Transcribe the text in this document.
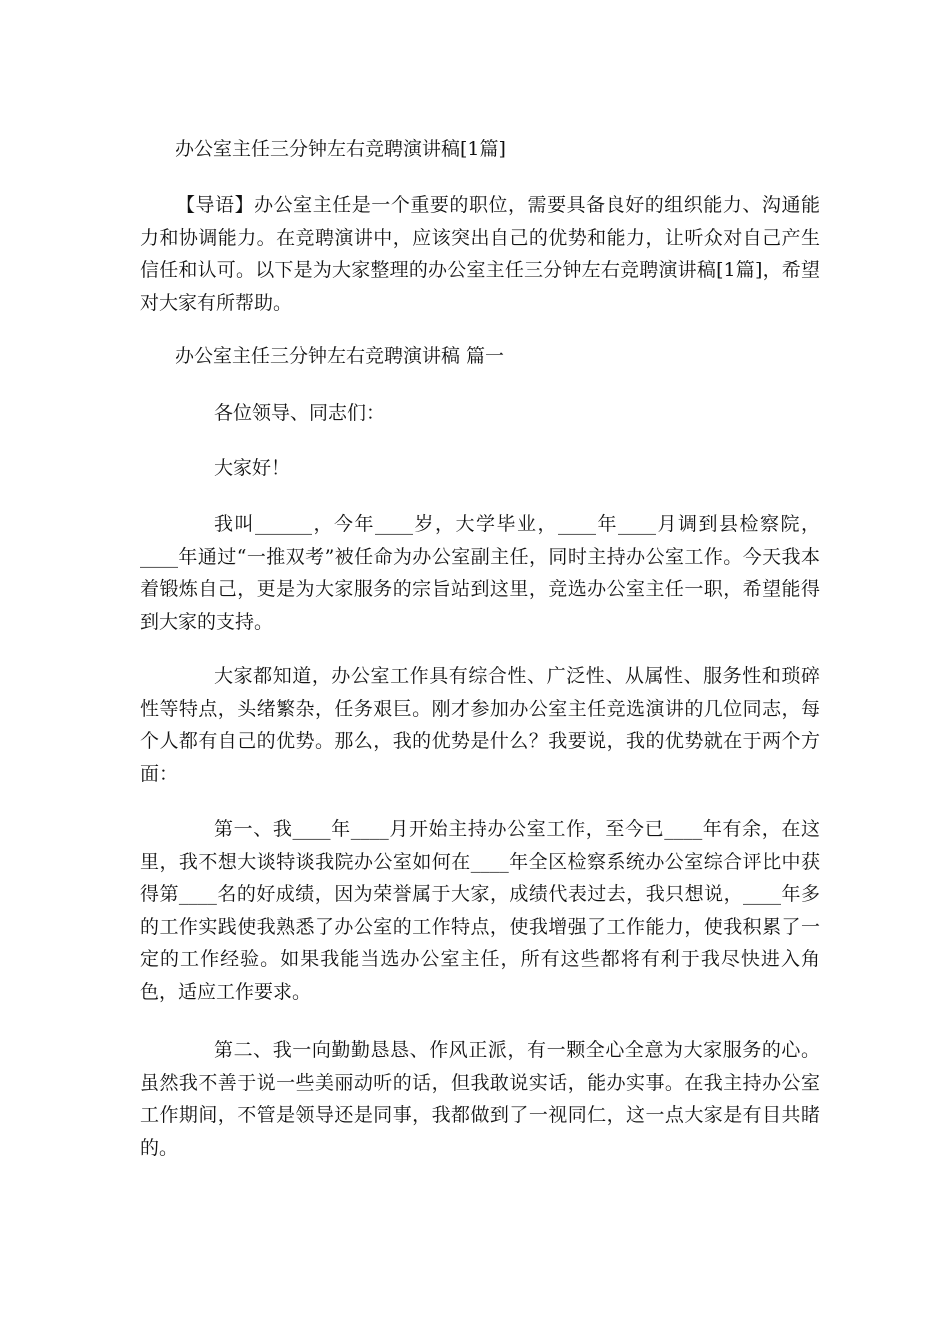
办公室主任三分钟左右竞聘演讲稿[1篇]

【导语】办公室主任是一个重要的职位，需要具备良好的组织能力、沟通能力和协调能力。在竞聘演讲中，应该突出自己的优势和能力，让听众对自己产生信任和认可。以下是为大家整理的办公室主任三分钟左右竞聘演讲稿[1篇]，希望对大家有所帮助。

办公室主任三分钟左右竞聘演讲稿 篇一

各位领导、同志们：

大家好！

我叫______，今年____岁，大学毕业，____年____月调到县检察院，____年通过“一推双考”被任命为办公室副主任，同时主持办公室工作。今天我本着锻炼自己，更是为大家服务的宗旨站到这里，竞选办公室主任一职，希望能得到大家的支持。

大家都知道，办公室工作具有综合性、广泛性、从属性、服务性和琐碎性等特点，头绪繁杂，任务艰巨。刚才参加办公室主任竞选演讲的几位同志，每个人都有自己的优势。那么，我的优势是什么？我要说，我的优势就在于两个方面：

第一、我____年____月开始主持办公室工作，至今已____年有余，在这里，我不想大谈特谈我院办公室如何在____年全区检察系统办公室综合评比中获得第____名的好成绩，因为荣誉属于大家，成绩代表过去，我只想说，____年多的工作实践使我熟悉了办公室的工作特点，使我增强了工作能力，使我积累了一定的工作经验。如果我能当选办公室主任，所有这些都将有利于我尽快进入角色，适应工作要求。

第二、我一向勤勤恳恳、作风正派，有一颗全心全意为大家服务的心。虽然我不善于说一些美丽动听的话，但我敢说实话，能办实事。在我主持办公室工作期间，不管是领导还是同事，我都做到了一视同仁，这一点大家是有目共睹的。
